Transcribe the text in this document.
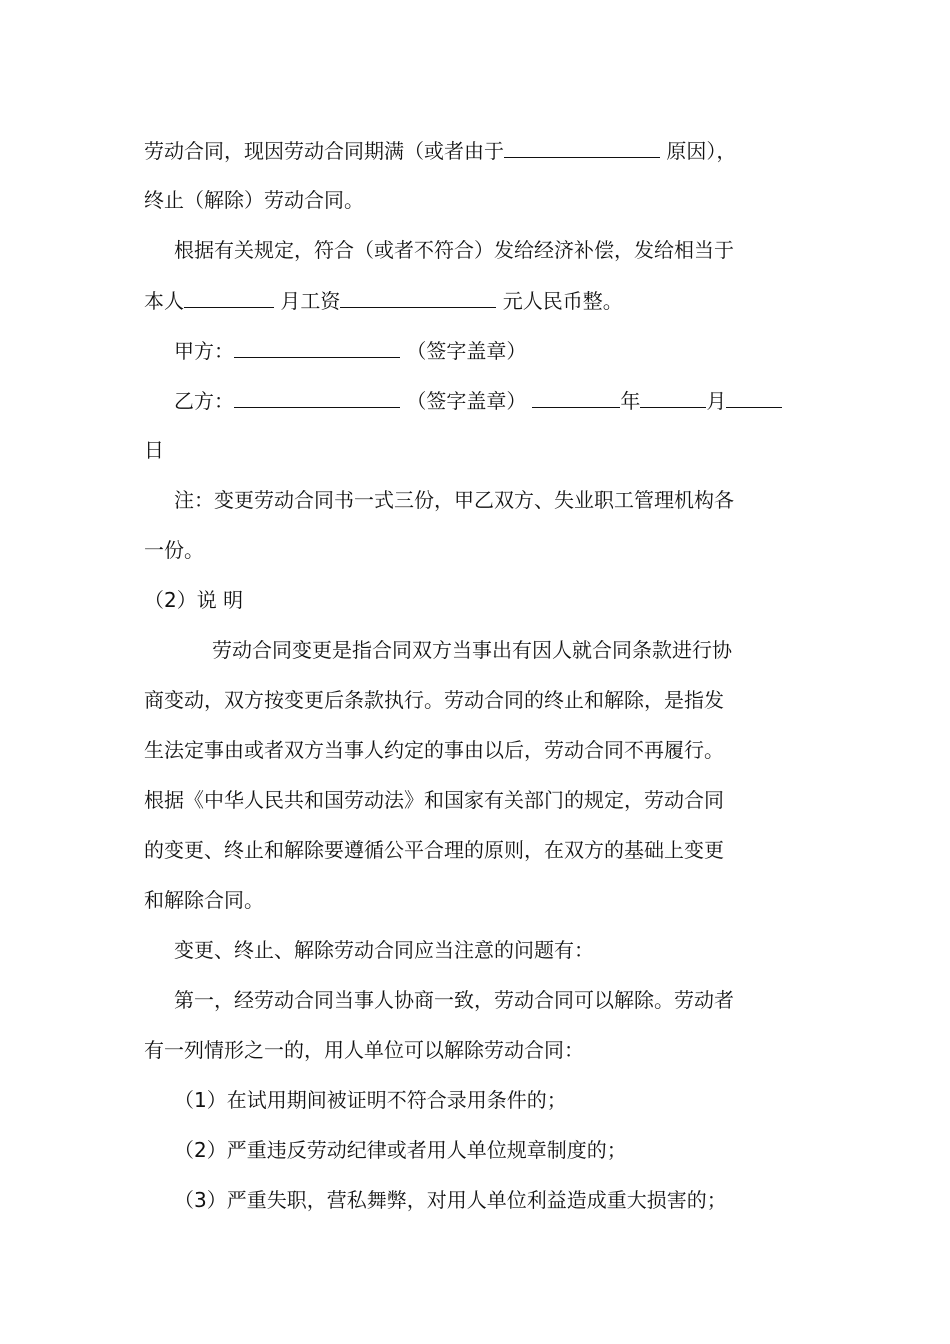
劳动合同，现因劳动合同期满（或者由于	原因），
终止（解除）劳动合同。
根据有关规定，符合（或者不符合）发给经济补偿，发给相当于
本人	月工资	元人民币整。
甲方：	（签字盖章）
乙方：	（签字盖章）	年	月
日
注：变更劳动合同书一式三份，甲乙双方、失业职工管理机构各
一份。
（2）说 明
劳动合同变更是指合同双方当事出有因人就合同条款进行协
商变动，双方按变更后条款执行。劳动合同的终止和解除，是指发
生法定事由或者双方当事人约定的事由以后，劳动合同不再履行。
根据《中华人民共和国劳动法》和国家有关部门的规定，劳动合同
的变更、终止和解除要遵循公平合理的原则，在双方的基础上变更
和解除合同。
变更、终止、解除劳动合同应当注意的问题有：
第一，经劳动合同当事人协商一致，劳动合同可以解除。劳动者
有一列情形之一的，用人单位可以解除劳动合同：
（1）在试用期间被证明不符合录用条件的；
（2）严重违反劳动纪律或者用人单位规章制度的；
（3）严重失职，营私舞弊，对用人单位利益造成重大损害的；
